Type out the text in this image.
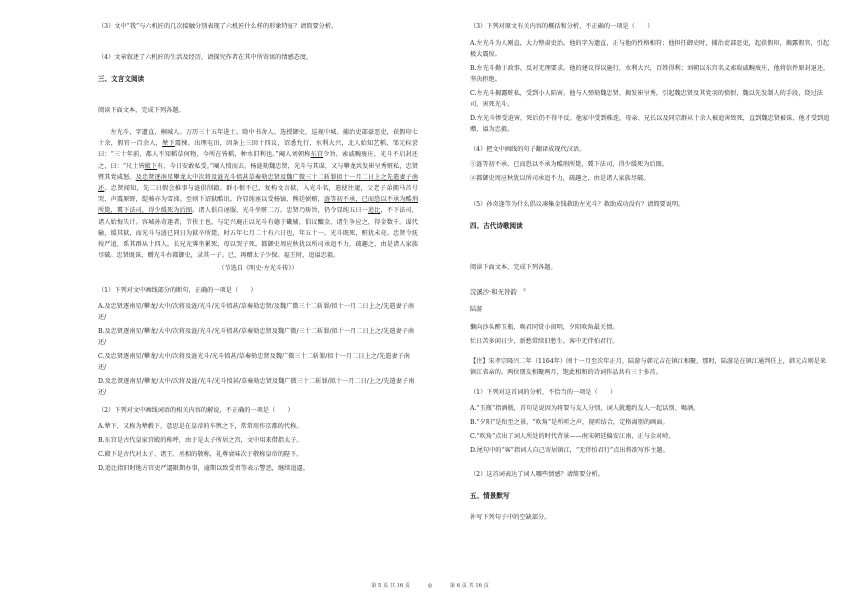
（3）文中“我”与六机匠的几次接触分别表现了六机匠什么样的形象特征？请简要分析。
（4）文章叙述了六机匠的生活及经历，请探究作者在其中所寄寓的情感态度。
三、文言文阅读
阅读下面文本，完成下列各题。
左光斗，字遗直，桐城人。万历三十五年进士。除中书舍人。选授御史，巡视中城。捕治吏部豪恶吏，获假印七十余，假官一百余人，辇下震悚。出理屯田，因条上三因十四议，诏悉允行，水利大兴，北人始知艺稻，邹元标尝曰：“三十年前，都人不知稻草何物，今所在皆稻，种水旧利也。”阉人刘朝称东宫令旨，索戚畹废庄，光斗不启封还之，曰：“尺土皆殿下有，今日安敢私受。”阉人愤而去。杨涟劾魏忠贤，光斗与其谋，又与攀龙共发崔呈秀赃私，忠贤暨其党咸怒。及忠贤逐南星攀龙大中次将及涟光斗愤甚草奏劾忠贤及魏广微三十二斩罪拟十一月二日上之先遣妻子南还。忠贤闻知，先二日假会推事与涟俱削籍。群小恨不已，复构文言狱，入光斗名，遣使往逮，父老子弟拥马首号哭，声震原野，缇骑亦为雪涕。至则下诏狱酷讯。许显纯诬以受杨镐、熊廷弼贿，涟等初不承，已而恐以不承为酷刑所毙，冀下法司，得少缓死为后图。诸人俱自诬服，光斗坐赃二万。忠贤乃矫旨，仍令显纯五日一追比，不下法司，诸人始悔失计。容城孙奇逢者，节侠士也，与定兴鹿正以光斗有德于畿辅，倡议醵金，诸生争应之，得金数千。谋代输，缓其狱，而光斗与涟已同日为狱卒所毙，时五年七月二十有六日也，年五十一。光斗既死，赃犹未竟。忠贤令抚按严追，系其群从十四人。长兄光霁坐累死，母以哭子死。都御史周应秋犹以所司承追不力，疏趣之，由是诸人家族尽破。忠贤既诛，赠光斗右都御史，录其一子。已，再赠太子少保。福王时，追谥忠毅。
（节选自《明史·左光斗传》）
（1）下列对文中画线部分的断句，正确的一项是（　　）
A.及忠贤逐南星/攀龙/大中/次将及涟/光斗/光斗愤甚/草奏劾忠贤/及魏广微三十二斩罪/拟十一月二日上之/先遣妻子南还/
B.及忠贤逐南星/攀龙/大中/次将及涟/光斗/光斗愤甚/草奏劾忠贤及魏广微/三十二斩罪/拟十一月二日上之/先遣妻子南还/
C.及忠贤逐南星/攀龙/大中/次将及涟光斗/光斗愤甚/草奏劾忠贤及魏广微三十二斩罪/拟十一月二日上之/先遣妻子南还/
D.及忠贤逐南星/攀龙/大中/次将及涟/光斗/光斗愤甚/草奏劾忠贤及魏广微三十二斩罪/拟十一月二日/上之/先遣妻子南还/
（2）下列对文中画线词语的相关内容的解说，不正确的一项是（　　）
A.辇下，又称为辇毂下，意思是在皇帝的车舆之下，常常用作京都的代称。
B.东宫是古代皇家宫殿的称呼，由于是太子所居之宫，文中用来借指太子。
C.殿下是古代对太子、诸王、丞相的敬称，礼尊衰味次于敬称皇帝的陛下。
D.追比指旧时地方官吏严逼限期办事，逾期以致受责等表示警恶，继续追逼。
（3）下列对原文有关内容的概括和分析，不正确的一项是（　　）
A.左光斗为人刚直，大力整肃吏治。他的字为遗直，正与他的性格相符；他担任御史时，捕治吏部恶吏，起获假印，揭露假官，引起极大震惊。
B.左光斗勤于政事，反对无理要求。他的建议得以施行，水利大兴，百姓得利；刘朝以东宫名义索取戚畹废庄，他将信件原封退还，坚决拒绝。
C.左光斗揭露赃私，受到小人陷害。他与人弹劾魏忠贤、揭发崔呈秀，引起魏忠贤及其党羽的愤恨，魏以先发制人的手段，绕过法司，害死光斗。
D.左光斗惨受迫害，死后仍不得平反。他家中受到株连，母亲、兄长以及同宗群从十余人被追害致死，直到魏忠贤被诛，他才受到追赠、谥为忠毅。
（4）把文中画线的句子翻译成现代汉语。
①涟等初不承，已而恐以不承为酷刑所毙，冀下法司，得少缓死为后图。
②都御史周应秋犹以所司承追不力，疏趣之，由是诸人家族尽破。
（5）孙奇逢等为什么倡议凑集金钱救助左光斗？救助成功没有？请简要说明。
四、古代诗歌阅读
阅读下面文本，完成下列各题。
浣溪沙·和无咎韵 ①
陆游
懒向沙头醉玉瓶，唤君同赏小窗明，夕阳吹角最关情。
忙日苦多闲日少，新愁常续旧愁生。客中无伴怕君行。
【注】宋孝宗隆兴二年（1164年）闰十一月至次年正月，陆游与韩元吉在镇江相聚，那时，陆游是在镇江通判任上，韩元吉则是来镇江省亲的。两位朋友相聚两月，饱此相和的诗词作品共有三十多首。
（1）下列对这首词的分析，不恰当的一项是（　　）
A.“玉瓶”指酒瓶，首句是说因为将要与友人分别，词人就邀约友人一起话别、喝酒。
B.“夕阳”是衔至之景，“吹角”是所听之声，视听结合，定格离别的画面。
C.“吹角”点出了词人所处的时代背景——南宋朝廷偏安江南，正与金对峙。
D.尾句中的“客”指词人自己寄居镇江，“无伴怕君行”点出将欲写作主题。
（2）这首词表达了词人哪些情感？请简要分析。
五、情景默写
补写下列句子中的空缺部分。
第 5 页 共 16 页	◎	第 6 页 共 16 页
